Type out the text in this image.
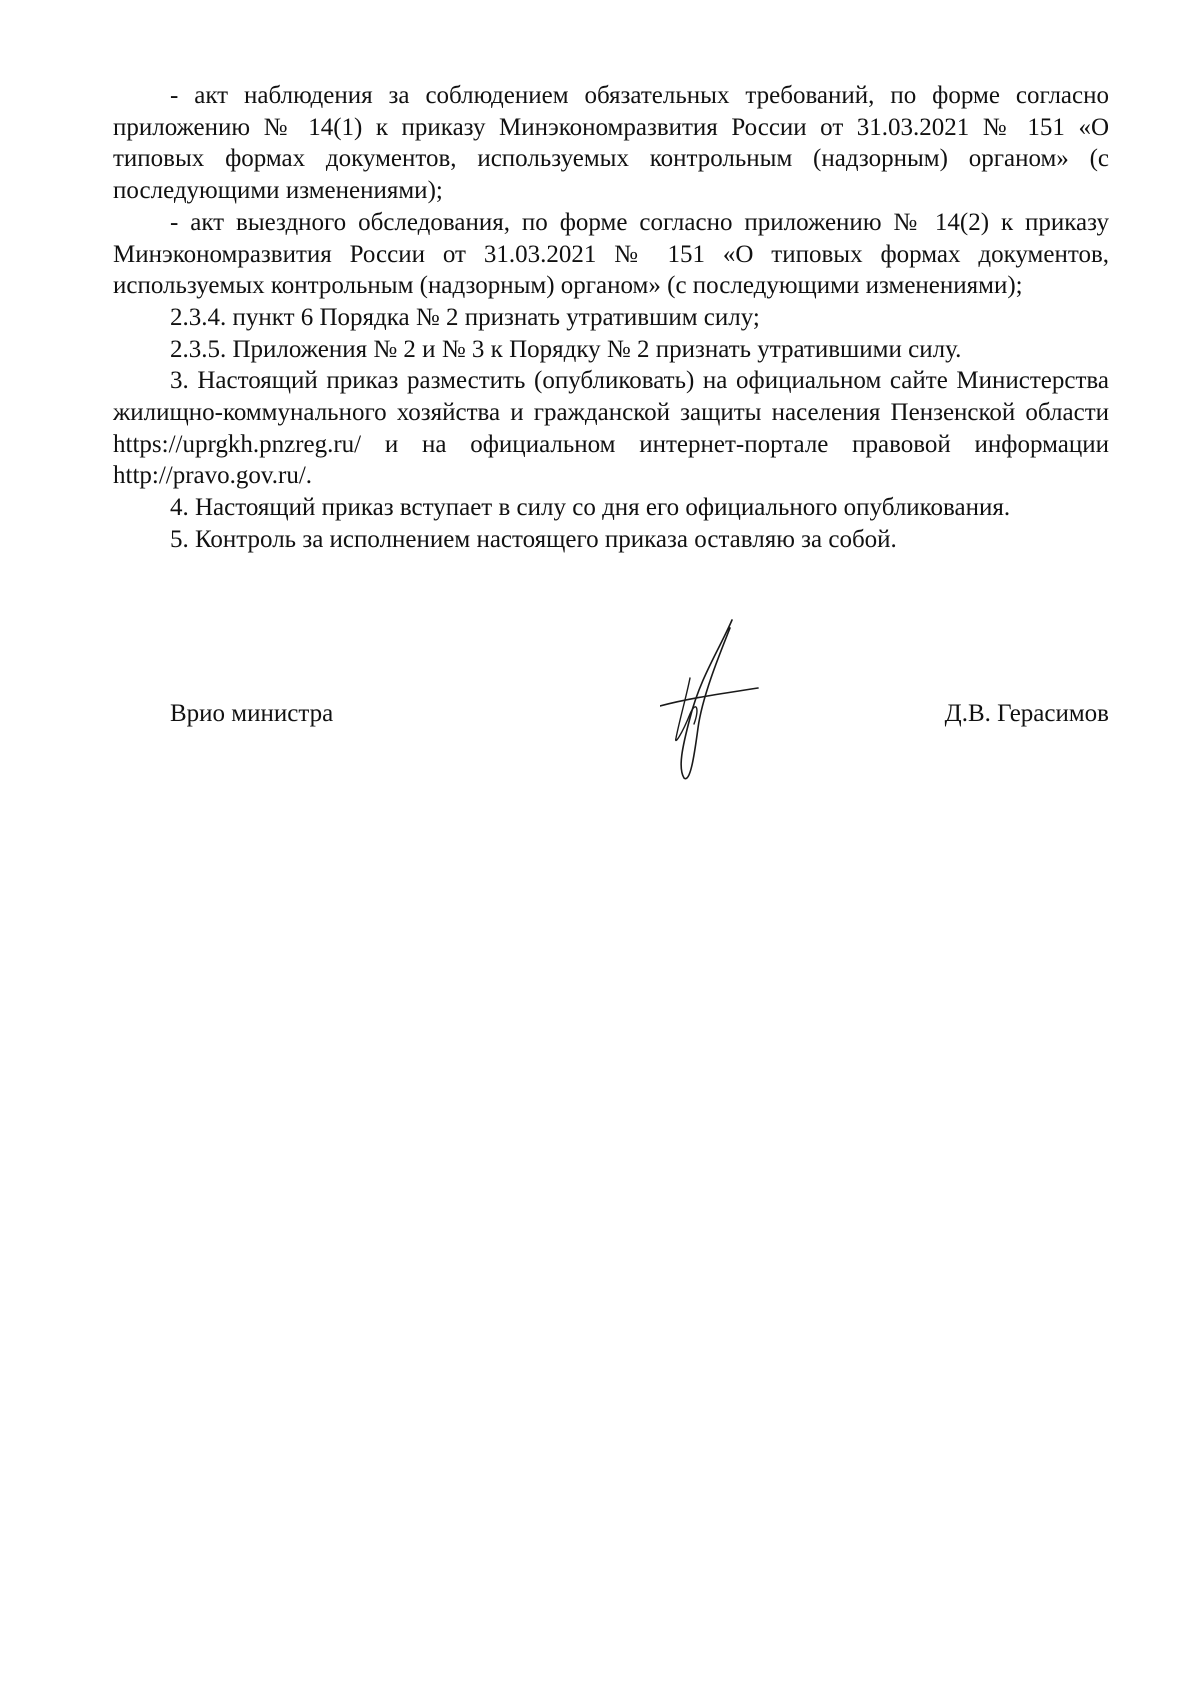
- акт наблюдения за соблюдением обязательных требований, по форме согласно приложению № 14(1) к приказу Минэкономразвития России от 31.03.2021 № 151 «О типовых формах документов, используемых контрольным (надзорным) органом» (с последующими изменениями);

- акт выездного обследования, по форме согласно приложению № 14(2) к приказу Минэкономразвития России от 31.03.2021 № 151 «О типовых формах документов, используемых контрольным (надзорным) органом» (с последующими изменениями);

2.3.4. пункт 6 Порядка № 2 признать утратившим силу;

2.3.5. Приложения № 2 и № 3 к Порядку № 2 признать утратившими силу.

3. Настоящий приказ разместить (опубликовать) на официальном сайте Министерства жилищно-коммунального хозяйства и гражданской защиты населения Пензенской области https://uprgkh.pnzreg.ru/ и на официальном интернет-портале правовой информации http://pravo.gov.ru/.

4. Настоящий приказ вступает в силу со дня его официального опубликования.

5. Контроль за исполнением настоящего приказа оставляю за собой.

Врио министра	Д.В. Герасимов
